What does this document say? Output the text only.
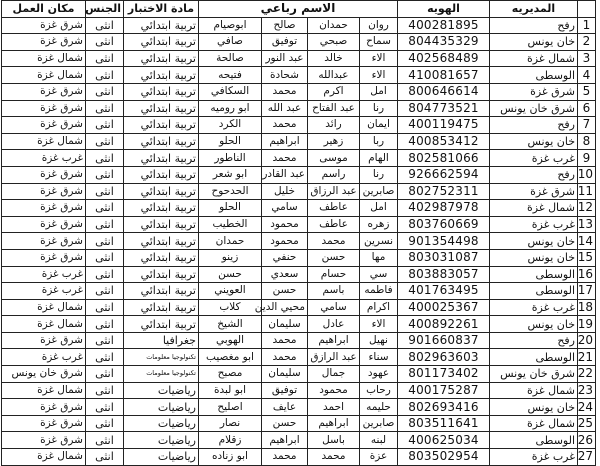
	المديريه	الهويه	الاسم رباعي				مادة الاختبار	الجنس	مكان العمل
1	رفح	400281895	روان	حمدان	صالح	ابوصيام	تربية ابتدائي	انثى	شرق غزة
2	خان يونس	804435329	سماح	صبحي	توفيق	صافي	تربية ابتدائي	انثى	شرق غزة
3	شمال غزة	402568489	الاء	خالد	عبد النور	صالحة	تربية ابتدائي	انثى	شمال غزة
4	الوسطى	410081657	الاء	عبدالله	شحادة	فتيحه	تربية ابتدائي	انثى	شمال غزة
5	شرق غزة	800646614	امل	اكرم	محمد	السكافي	تربية ابتدائي	انثى	شرق غزة
6	شرق خان يونس	804773521	رنا	عبد الفتاح	عبد الله	ابو روميه	تربية ابتدائي	انثى	شرق غزة
7	رفح	400119475	ايمان	رائد	محمد	الكرد	تربية ابتدائي	انثى	شرق غزة
8	خان يونس	400853412	ربا	زهير	ابراهيم	الحلو	تربية ابتدائي	انثى	شمال غزة
9	غرب غزة	802581066	الهام	موسى	محمد	الناطور	تربية ابتدائي	انثى	غرب غزة
10	رفح	926662594	رنا	راسم	عبد القادر	ابو شعر	تربية ابتدائي	انثى	شرق غزة
11	شرق غزة	802752311	صابرين	عبد الرزاق	خليل	الحدحوح	تربية ابتدائي	انثى	شرق غزة
12	شمال غزة	402987978	امل	عاطف	سامي	الحلو	تربية ابتدائي	انثى	شرق غزة
13	غرب غزة	803760669	زهره	عاطف	محمود	الخطيب	تربية ابتدائي	انثى	شرق غزة
14	خان يونس	901354498	نسرين	محمد	محمود	حمدان	تربية ابتدائي	انثى	شرق غزة
15	خان يونس	803031087	مها	حسن	حنفي	زينو	تربية ابتدائي	انثى	شرق غزة
16	الوسطى	803883057	سي	حسام	سعدي	حسن	تربية ابتدائي	انثى	غرب غزة
17	الوسطى	401763495	فاطمه	باسم	حسن	العويني	تربية ابتدائي	انثى	غرب غزة
18	غرب غزة	400025367	اكرام	سامي	محيي الدين	كلاب	تربية ابتدائي	انثى	شمال غزة
19	خان يونس	400892261	الاء	عادل	سليمان	الشيخ	تربية ابتدائي	انثى	شمال غزة
20	رفح	901660837	نهيل	ابراهيم	محمد	الهوبي	جغرافيا	انثى	شرق غزة
21	الوسطى	802963603	سناء	عبد الرازق	محمد	ابو مغصيب	تكنولوجيا معلومات	انثى	غرب غزة
22	شرق خان يونس	801173402	عهود	جمال	سليمان	مصبح	تكنولوجيا معلومات	انثى	شرق خان يونس
23	شمال غزة	400175287	رحاب	محمود	توفيق	ابو لبدة	رياضيات	انثى	شمال غزة
24	خان يونس	802693416	حليمه	احمد	عايف	اصليح	رياضيات	انثى	شرق غزة
25	شمال غزة	803511641	صابرين	ابراهيم	حسن	نصار	رياضيات	انثى	شرق غزة
26	الوسطى	400625034	لبنه	باسل	ابراهيم	زقلام	رياضيات	انثى	شرق غزة
27	غرب غزة	803502954	عزة	محمد	محمد	ابو زناده	رياضيات	انثى	شمال غزة
